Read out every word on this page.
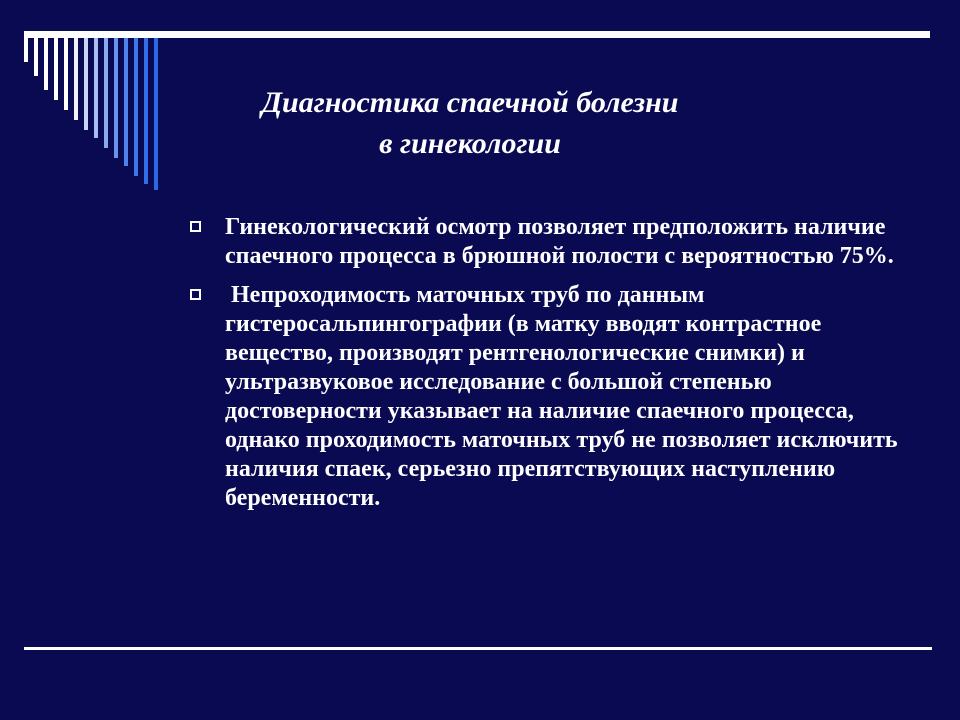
Диагностика спаечной болезни в гинекологии
Гинекологический осмотр позволяет предположить наличие спаечного процесса в брюшной полости с вероятностью 75%.
Непроходимость маточных труб по данным гистеросальпингографии (в матку вводят контрастное вещество, производят рентгенологические снимки) и ультразвуковое исследование с большой степенью достоверности указывает на наличие спаечного процесса, однако проходимость маточных труб не позволяет исключить наличия спаек, серьезно препятствующих наступлению беременности.
